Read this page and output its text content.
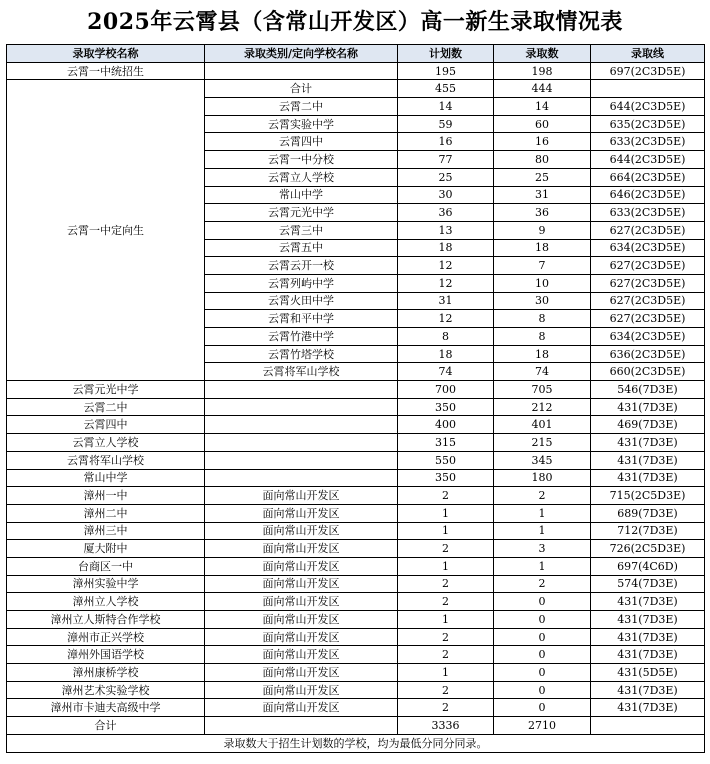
2025年云霄县（含常山开发区）高一新生录取情况表
录取学校名称	录取类别/定向学校名称	计划数	录取数	录取线
云霄一中统招生		195	198	697(2C3D5E)
云霄一中定向生	合计	455	444	
	云霄二中	14	14	644(2C3D5E)
	云霄实验中学	59	60	635(2C3D5E)
	云霄四中	16	16	633(2C3D5E)
	云霄一中分校	77	80	644(2C3D5E)
	云霄立人学校	25	25	664(2C3D5E)
	常山中学	30	31	646(2C3D5E)
	云霄元光中学	36	36	633(2C3D5E)
	云霄三中	13	9	627(2C3D5E)
	云霄五中	18	18	634(2C3D5E)
	云霄云开一校	12	7	627(2C3D5E)
	云霄列屿中学	12	10	627(2C3D5E)
	云霄火田中学	31	30	627(2C3D5E)
	云霄和平中学	12	8	627(2C3D5E)
	云霄竹港中学	8	8	634(2C3D5E)
	云霄竹塔学校	18	18	636(2C3D5E)
	云霄将军山学校	74	74	660(2C3D5E)
云霄元光中学		700	705	546(7D3E)
云霄二中		350	212	431(7D3E)
云霄四中		400	401	469(7D3E)
云霄立人学校		315	215	431(7D3E)
云霄将军山学校		550	345	431(7D3E)
常山中学		350	180	431(7D3E)
漳州一中	面向常山开发区	2	2	715(2C5D3E)
漳州二中	面向常山开发区	1	1	689(7D3E)
漳州三中	面向常山开发区	1	1	712(7D3E)
厦大附中	面向常山开发区	2	3	726(2C5D3E)
台商区一中	面向常山开发区	1	1	697(4C6D)
漳州实验中学	面向常山开发区	2	2	574(7D3E)
漳州立人学校	面向常山开发区	2	0	431(7D3E)
漳州立人斯特合作学校	面向常山开发区	1	0	431(7D3E)
漳州市正兴学校	面向常山开发区	2	0	431(7D3E)
漳州外国语学校	面向常山开发区	2	0	431(7D3E)
漳州康桥学校	面向常山开发区	1	0	431(5D5E)
漳州艺术实验学校	面向常山开发区	2	0	431(7D3E)
漳州市卡迪夫高级中学	面向常山开发区	2	0	431(7D3E)
合计		3336	2710	
录取数大于招生计划数的学校，均为最低分同分同录。				
